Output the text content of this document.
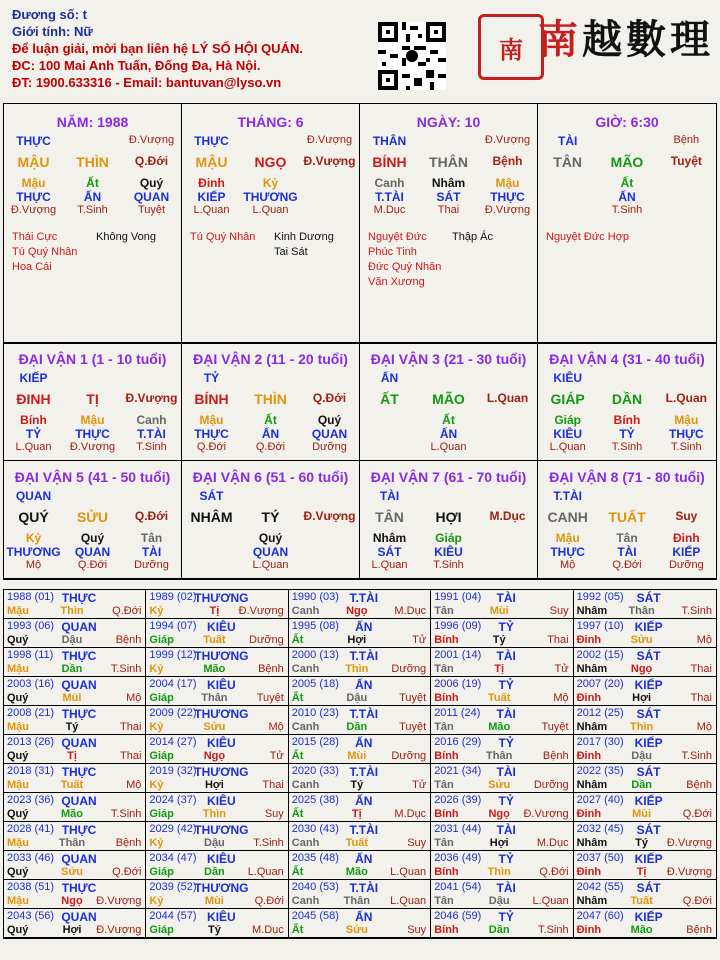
Đương số: t
Giới tính: Nữ
Để luận giải, mời bạn liên hệ LÝ SỐ HỘI QUÁN.
ĐC: 100 Mai Anh Tuấn, Đống Đa, Hà Nội.
ĐT: 1900.633316 - Email: bantuvan@lyso.vn
南 南越數理
NĂM: 1988
THỰC	Đ.Vượng
MẬU	THÌN	Q.Đới
Mậu	Ất	Quý
THỰC	ẤN	QUAN
Đ.Vượng	T.Sinh	Tuyệt
Thái Cực
Tú Quý Nhân
Hoa Cái
Không Vong
THÁNG: 6
THỰC	Đ.Vượng
MẬU	NGỌ	Đ.Vượng
Đinh	Kỷ
KIẾP	THƯƠNG
L.Quan	L.Quan
Tú Quý Nhân Kinh Dương
Tai Sát
NGÀY: 10
THÂN	Đ.Vượng
BÍNH	THÂN	Bệnh
Canh	Nhâm	Mậu
T.TÀI	SÁT	THỰC
M.Dục	Thai	Đ.Vượng
Nguyệt Đức
Phúc Tinh
Đức Quý Nhân
Văn Xương
Thập Ác
GIỜ: 6:30
TÀI	Bệnh
TÂN	MÃO	Tuyệt
Ất
ẤN
T.Sinh
Nguyệt Đức Hợp
ĐẠI VẬN 1 (1 - 10 tuổi)
KIẾP
ĐINH	TỊ	Đ.Vượng
Bính	Mậu	Canh
TỶ	THỰC	T.TÀI
L.Quan	Đ.Vượng	T.Sinh
ĐẠI VẬN 2 (11 - 20 tuổi)
TỶ
BÍNH	THÌN	Q.Đới
Mậu	Ất	Quý
THỰC	ẤN	QUAN
Q.Đới	Q.Đới	Dưỡng
ĐẠI VẬN 3 (21 - 30 tuổi)
ẤN
ẤT	MÃO	L.Quan
Ất
ẤN
L.Quan
ĐẠI VẬN 4 (31 - 40 tuổi)
KIÊU
GIÁP	DẦN	L.Quan
Giáp	Bính	Mậu
KIÊU	TỶ	THỰC
L.Quan	T.Sinh	T.Sinh
ĐẠI VẬN 5 (41 - 50 tuổi)
QUAN
QUÝ	SỬU	Q.Đới
Kỷ	Quý	Tân
THƯƠNG	QUAN	TÀI
Mộ	Q.Đới	Dưỡng
ĐẠI VẬN 6 (51 - 60 tuổi)
SÁT
NHÂM	TÝ	Đ.Vượng
Quý
QUAN
L.Quan
ĐẠI VẬN 7 (61 - 70 tuổi)
TÀI
TÂN	HỢI	M.Dục
Nhâm	Giáp
SÁT	KIÊU
L.Quan	T.Sinh
ĐẠI VẬN 8 (71 - 80 tuổi)
T.TÀI
CANH	TUẤT	Suy
Mậu	Tân	Đinh
THỰC	TÀI	KIẾP
Mộ	Q.Đới	Dưỡng
1988 (01) THỰC
Mậu	Thìn	Q.Đới
1989 (02)
THƯƠNG
Kỷ	Tị Đ.Vượng
1990 (03) T.TÀI
Canh Ngọ M.Dục
1991 (04) TÀI
Tân	Mùi	Suy
1992 (05) SÁT
Nhâm Thân T.Sinh
1993 (06) QUAN
Quý	Dậu	Bệnh
1994 (07) KIÊU
Giáp	Tuất Dưỡng
1995 (08) ẤN
Ất	Hợi	Tử
1996 (09) TỶ
Bính	Tý	Thai
1997 (10) KIẾP
Đinh	Sửu	Mộ
1998 (11) THỰC
Mậu	Dần	T.Sinh
1999 (12)
THƯƠNG
Kỷ	Mão	Bệnh
2000 (13) T.TÀI
Canh Thìn Dưỡng
2001 (14) TÀI
Tân	Tị	Tử
2002 (15) SÁT
Nhâm Ngọ	Thai
2003 (16) QUAN
Quý	Mùi	Mộ
2004 (17) KIÊU
Giáp Thân	Tuyệt
2005 (18) ẤN
Ất	Dậu	Tuyệt
2006 (19) TỶ
Bính	Tuất	Mộ
2007 (20) KIẾP
Đinh	Hợi	Thai
2008 (21) THỰC
Mậu	Tý	Thai
2009 (22)
THƯƠNG
Kỷ	Sửu	Mộ
2010 (23) T.TÀI
Canh Dần	Tuyệt
2011 (24) TÀI
Tân	Mão	Tuyệt
2012 (25) SÁT
Nhâm Thìn	Mộ
2013 (26) QUAN
Quý	Tị	Thai
2014 (27) KIÊU
Giáp	Ngọ	Tử
2015 (28) ẤN
Ất	Mùi Dưỡng
2016 (29) TỶ
Bính Thân	Bệnh
2017 (30) KIẾP
Đinh	Dậu	T.Sinh
2018 (31) THỰC
Mậu	Tuất	Mộ
2019 (32)
THƯƠNG
Kỷ	Hợi	Thai
2020 (33) T.TÀI
Canh	Tý	Tử
2021 (34) TÀI
Tân	Sửu Dưỡng
2022 (35) SÁT
Nhâm Dần	Bệnh
2023 (36) QUAN
Quý	Mão	T.Sinh
2024 (37) KIÊU
Giáp	Thìn	Suy
2025 (38) ẤN
Ất	Tị	M.Dục
2026 (39) TỶ
Bính	Ngọ Đ.Vượng
2027 (40) KIẾP
Đinh	Mùi	Q.Đới
2028 (41) THỰC
Mậu	Thân	Bệnh
2029 (42)
THƯƠNG
Kỷ	Dậu	T.Sinh
2030 (43) T.TÀI
Canh Tuất	Suy
2031 (44) TÀI
Tân	Hợi	M.Dục
2032 (45) SÁT
Nhâm	Tý Đ.Vượng
2033 (46) QUAN
Quý	Sửu	Q.Đới
2034 (47) KIÊU
Giáp	Dần L.Quan
2035 (48) ẤN
Ất	Mão L.Quan
2036 (49) TỶ
Bính	Thìn	Q.Đới
2037 (50) KIẾP
Đinh	Tị Đ.Vượng
2038 (51) THỰC
Mậu	Ngọ Đ.Vượng
2039 (52)
THƯƠNG
Kỷ	Mùi	Q.Đới
2040 (53) T.TÀI
Canh Thân L.Quan
2041 (54) TÀI
Tân	Dậu L.Quan
2042 (55) SÁT
Nhâm Tuất	Q.Đới
2043 (56) QUAN
Quý	Hợi Đ.Vượng
2044 (57) KIÊU
Giáp	Tý	M.Dục
2045 (58) ẤN
Ất	Sửu	Suy
2046 (59) TỶ
Bính	Dần	T.Sinh
2047 (60) KIẾP
Đinh	Mão	Bệnh
